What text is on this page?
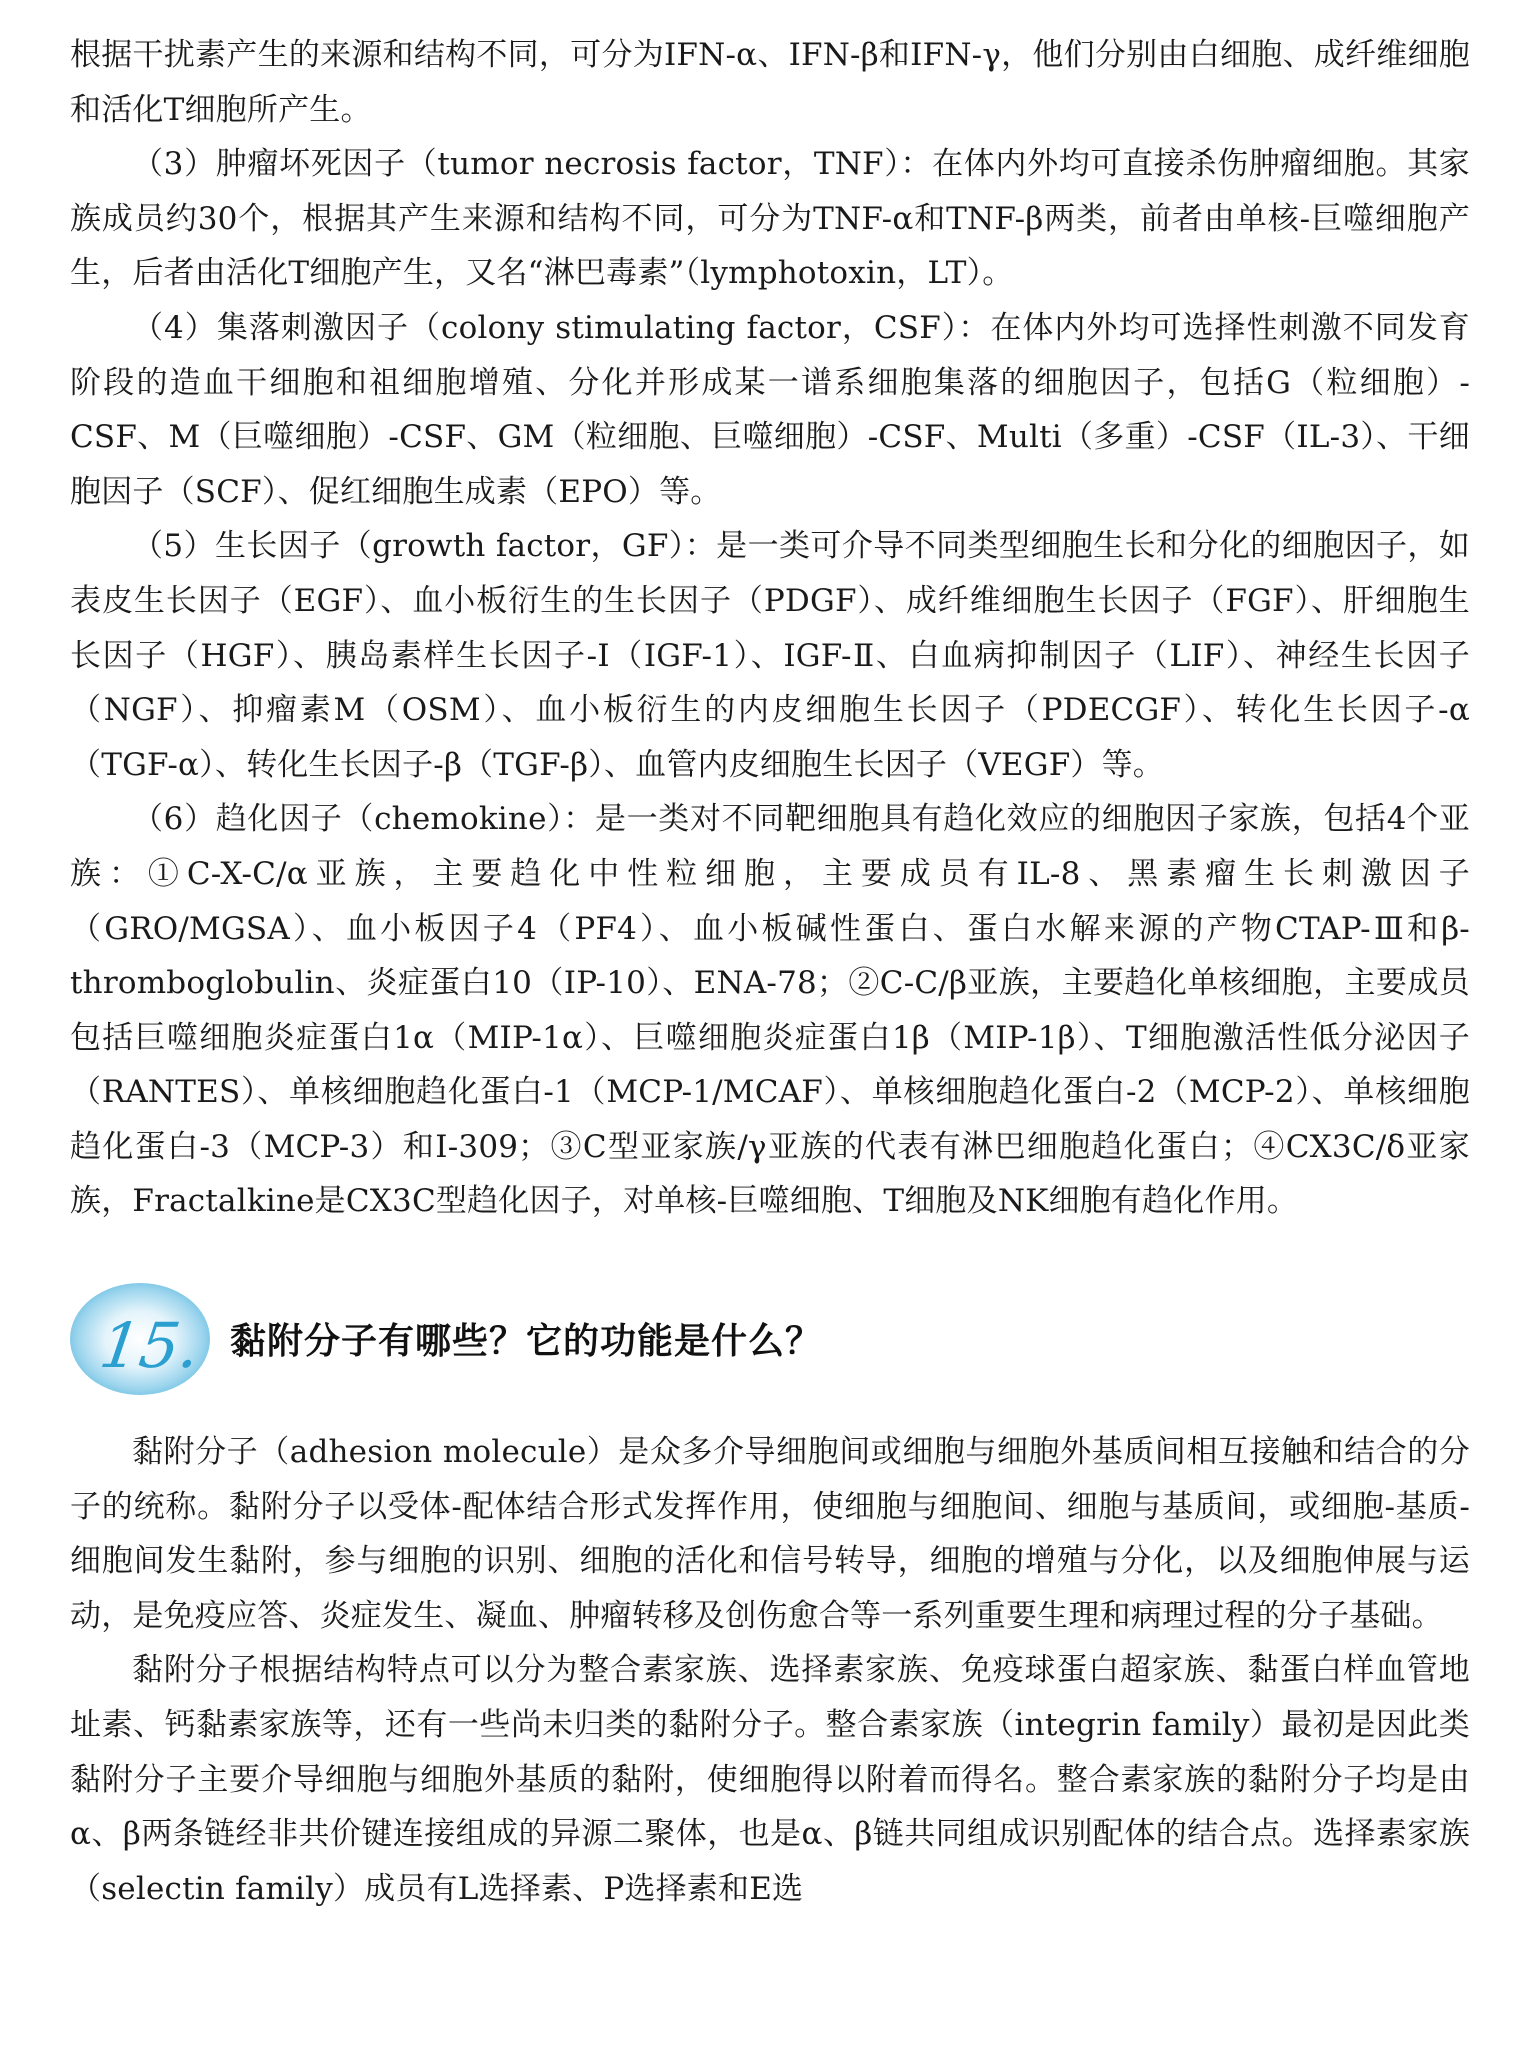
根据干扰素产生的来源和结构不同，可分为IFN-α、IFN-β和IFN-γ，他们分别由白细胞、成纤维细胞和活化T细胞所产生。

（3）肿瘤坏死因子（tumor necrosis factor，TNF）：在体内外均可直接杀伤肿瘤细胞。其家族成员约30个，根据其产生来源和结构不同，可分为TNF-α和TNF-β两类，前者由单核-巨噬细胞产生，后者由活化T细胞产生，又名“淋巴毒素”（lymphotoxin，LT）。

（4）集落刺激因子（colony stimulating factor，CSF）：在体内外均可选择性刺激不同发育阶段的造血干细胞和祖细胞增殖、分化并形成某一谱系细胞集落的细胞因子，包括G（粒细胞）-CSF、M（巨噬细胞）-CSF、GM（粒细胞、巨噬细胞）-CSF、Multi（多重）-CSF（IL-3）、干细胞因子（SCF）、促红细胞生成素（EPO）等。

（5）生长因子（growth factor，GF）：是一类可介导不同类型细胞生长和分化的细胞因子，如表皮生长因子（EGF）、血小板衍生的生长因子（PDGF）、成纤维细胞生长因子（FGF）、肝细胞生长因子（HGF）、胰岛素样生长因子-I（IGF-1）、IGF-Ⅱ、白血病抑制因子（LIF）、神经生长因子（NGF）、抑瘤素M（OSM）、血小板衍生的内皮细胞生长因子（PDECGF）、转化生长因子-α（TGF-α）、转化生长因子-β（TGF-β）、血管内皮细胞生长因子（VEGF）等。

（6）趋化因子（chemokine）：是一类对不同靶细胞具有趋化效应的细胞因子家族，包括4个亚族：①C-X-C/α亚族，主要趋化中性粒细胞，主要成员有IL-8、黑素瘤生长刺激因子（GRO/MGSA）、血小板因子4（PF4）、血小板碱性蛋白、蛋白水解来源的产物CTAP-Ⅲ和β-thromboglobulin、炎症蛋白10（IP-10）、ENA-78；②C-C/β亚族，主要趋化单核细胞，主要成员包括巨噬细胞炎症蛋白1α（MIP-1α）、巨噬细胞炎症蛋白1β（MIP-1β）、T细胞激活性低分泌因子（RANTES）、单核细胞趋化蛋白-1（MCP-1/MCAF）、单核细胞趋化蛋白-2（MCP-2）、单核细胞趋化蛋白-3（MCP-3）和I-309；③C型亚家族/γ亚族的代表有淋巴细胞趋化蛋白；④CX3C/δ亚家族，Fractalkine是CX3C型趋化因子，对单核-巨噬细胞、T细胞及NK细胞有趋化作用。

15. 黏附分子有哪些？它的功能是什么？

黏附分子（adhesion molecule）是众多介导细胞间或细胞与细胞外基质间相互接触和结合的分子的统称。黏附分子以受体-配体结合形式发挥作用，使细胞与细胞间、细胞与基质间，或细胞-基质-细胞间发生黏附，参与细胞的识别、细胞的活化和信号转导，细胞的增殖与分化，以及细胞伸展与运动，是免疫应答、炎症发生、凝血、肿瘤转移及创伤愈合等一系列重要生理和病理过程的分子基础。

黏附分子根据结构特点可以分为整合素家族、选择素家族、免疫球蛋白超家族、黏蛋白样血管地址素、钙黏素家族等，还有一些尚未归类的黏附分子。整合素家族（integrin family）最初是因此类黏附分子主要介导细胞与细胞外基质的黏附，使细胞得以附着而得名。整合素家族的黏附分子均是由α、β两条链经非共价键连接组成的异源二聚体，也是α、β链共同组成识别配体的结合点。选择素家族（selectin family）成员有L选择素、P选择素和E选
